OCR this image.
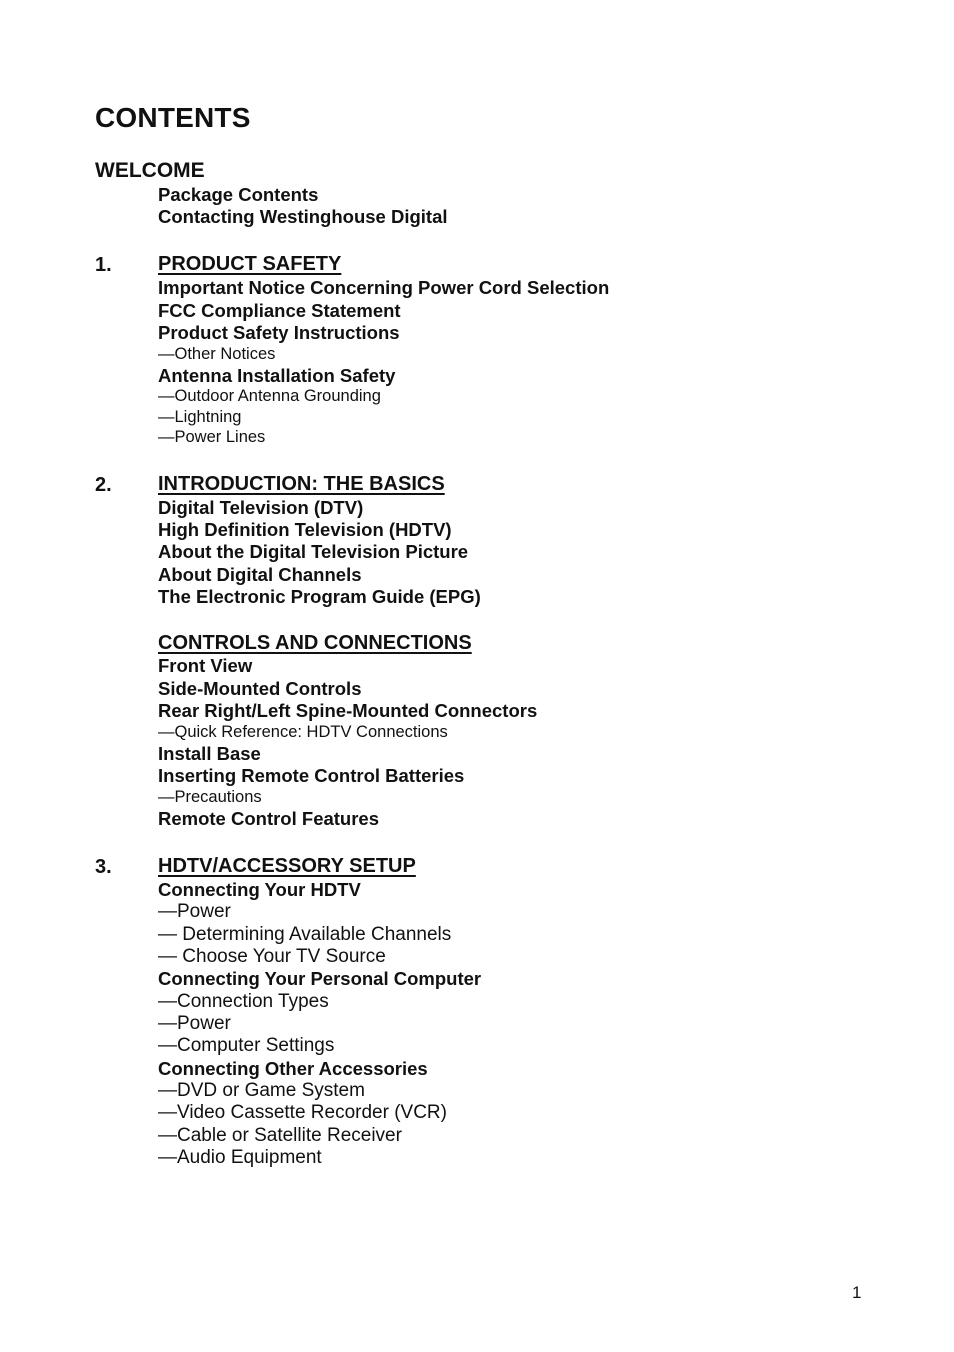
CONTENTS
WELCOME
Package Contents
Contacting Westinghouse Digital
1. PRODUCT SAFETY
Important Notice Concerning Power Cord Selection
FCC Compliance Statement
Product Safety Instructions
—Other Notices
Antenna Installation Safety
—Outdoor Antenna Grounding
—Lightning
—Power Lines
2. INTRODUCTION: THE BASICS
Digital Television (DTV)
High Definition Television (HDTV)
About the Digital Television Picture
About Digital Channels
The Electronic Program Guide (EPG)
CONTROLS AND CONNECTIONS
Front View
Side-Mounted Controls
Rear Right/Left Spine-Mounted Connectors
—Quick Reference: HDTV Connections
Install Base
Inserting Remote Control Batteries
—Precautions
Remote Control Features
3. HDTV/ACCESSORY SETUP
Connecting Your HDTV
—Power
— Determining Available Channels
— Choose Your TV Source
Connecting Your Personal Computer
—Connection Types
—Power
—Computer Settings
Connecting Other Accessories
—DVD or Game System
—Video Cassette Recorder (VCR)
—Cable or Satellite Receiver
—Audio Equipment
1
